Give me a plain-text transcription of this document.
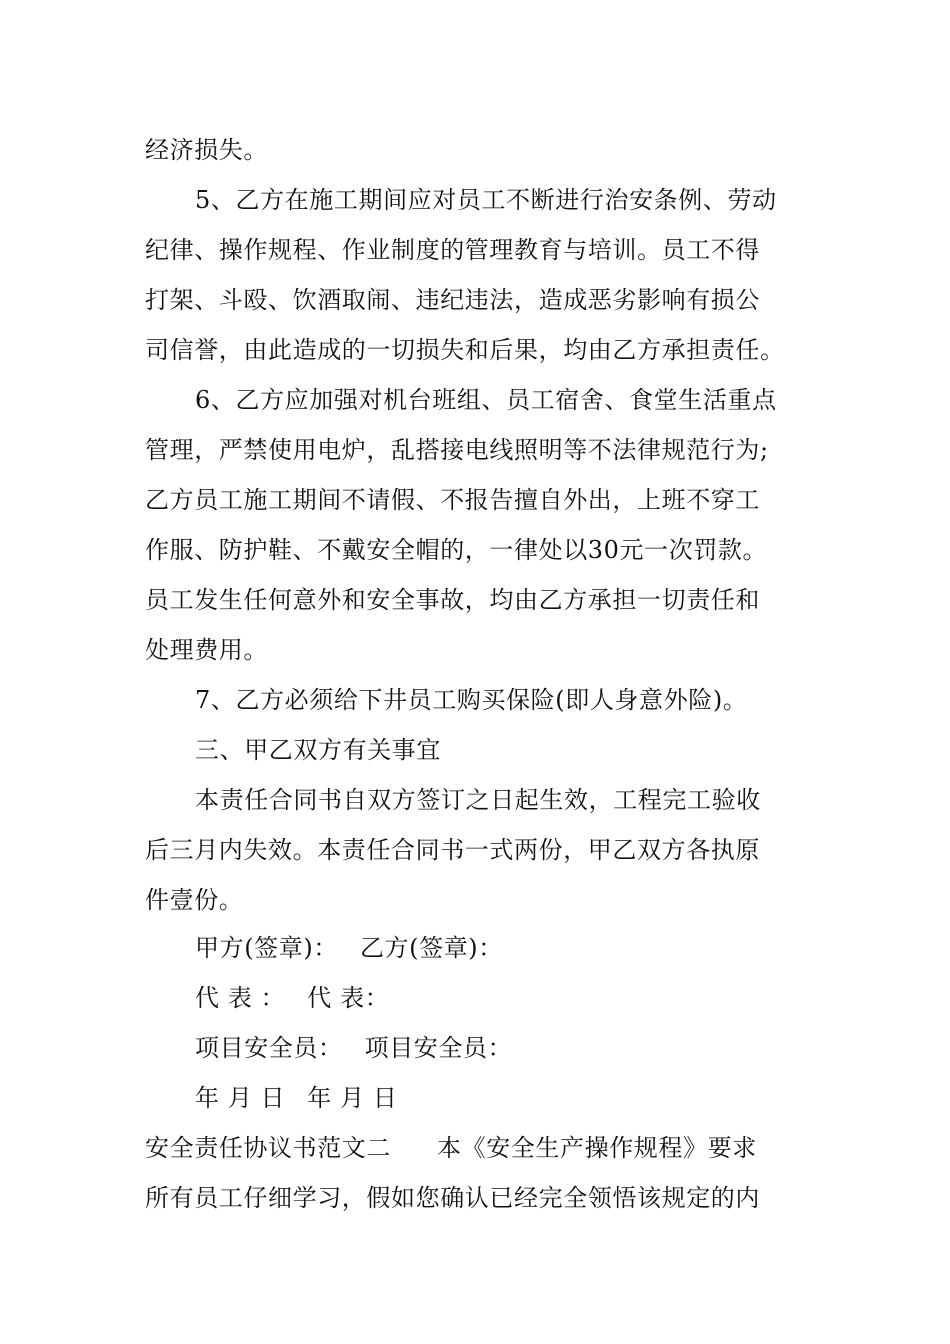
经济损失。
5、乙方在施工期间应对员工不断进行治安条例、劳动
纪律、操作规程、作业制度的管理教育与培训。员工不得
打架、斗殴、饮酒取闹、违纪违法，造成恶劣影响有损公
司信誉，由此造成的一切损失和后果，均由乙方承担责任。
6、乙方应加强对机台班组、员工宿舍、食堂生活重点
管理，严禁使用电炉，乱搭接电线照明等不法律规范行为;
乙方员工施工期间不请假、不报告擅自外出，上班不穿工
作服、防护鞋、不戴安全帽的，一律处以30元一次罚款。
员工发生任何意外和安全事故，均由乙方承担一切责任和
处理费用。
7、乙方必须给下井员工购买保险(即人身意外险)。
三、甲乙双方有关事宜
本责任合同书自双方签订之日起生效，工程完工验收
后三月内失效。本责任合同书一式两份，甲乙双方各执原
件壹份。
甲方(签章)： 乙方(签章)：
代 表 ： 代 表：
项目安全员： 项目安全员：
年 月 日 年 月 日
安全责任协议书范文二 本《安全生产操作规程》要求
所有员工仔细学习，假如您确认已经完全领悟该规定的内
